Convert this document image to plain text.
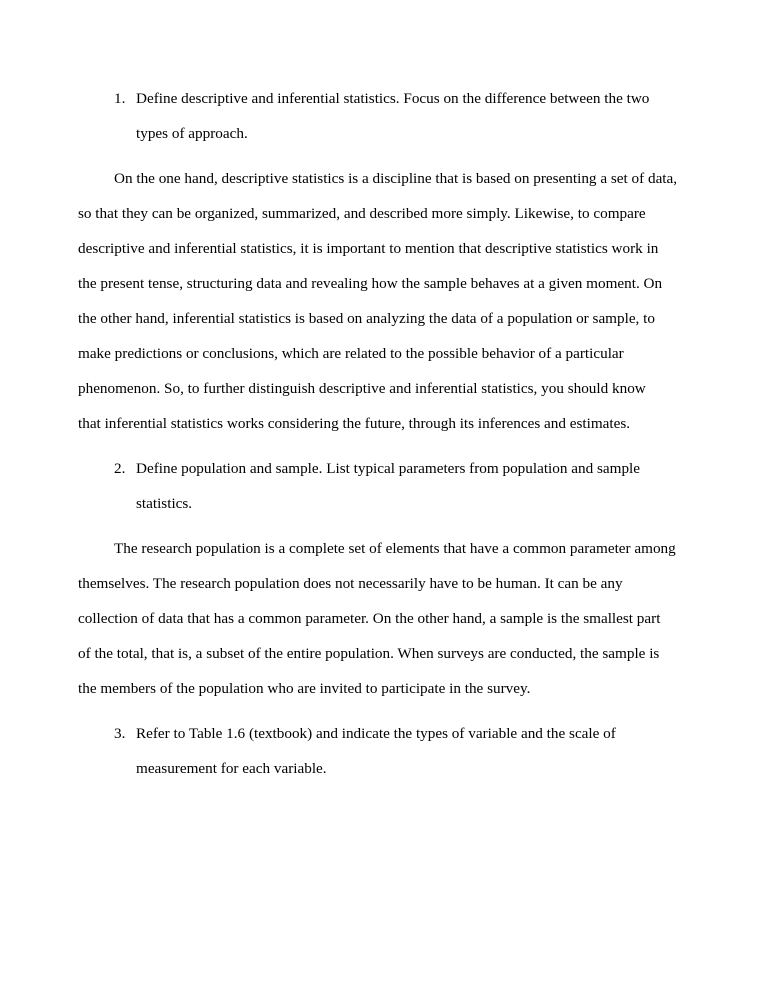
1. Define descriptive and inferential statistics. Focus on the difference between the two
types of approach.
On the one hand, descriptive statistics is a discipline that is based on presenting a set of data,
so that they can be organized, summarized, and described more simply. Likewise, to compare
descriptive and inferential statistics, it is important to mention that descriptive statistics work in
the present tense, structuring data and revealing how the sample behaves at a given moment. On
the other hand, inferential statistics is based on analyzing the data of a population or sample, to
make predictions or conclusions, which are related to the possible behavior of a particular
phenomenon. So, to further distinguish descriptive and inferential statistics, you should know
that inferential statistics works considering the future, through its inferences and estimates.
2. Define population and sample. List typical parameters from population and sample
statistics.
The research population is a complete set of elements that have a common parameter among
themselves. The research population does not necessarily have to be human. It can be any
collection of data that has a common parameter. On the other hand, a sample is the smallest part
of the total, that is, a subset of the entire population. When surveys are conducted, the sample is
the members of the population who are invited to participate in the survey.
3. Refer to Table 1.6 (textbook) and indicate the types of variable and the scale of
measurement for each variable.
